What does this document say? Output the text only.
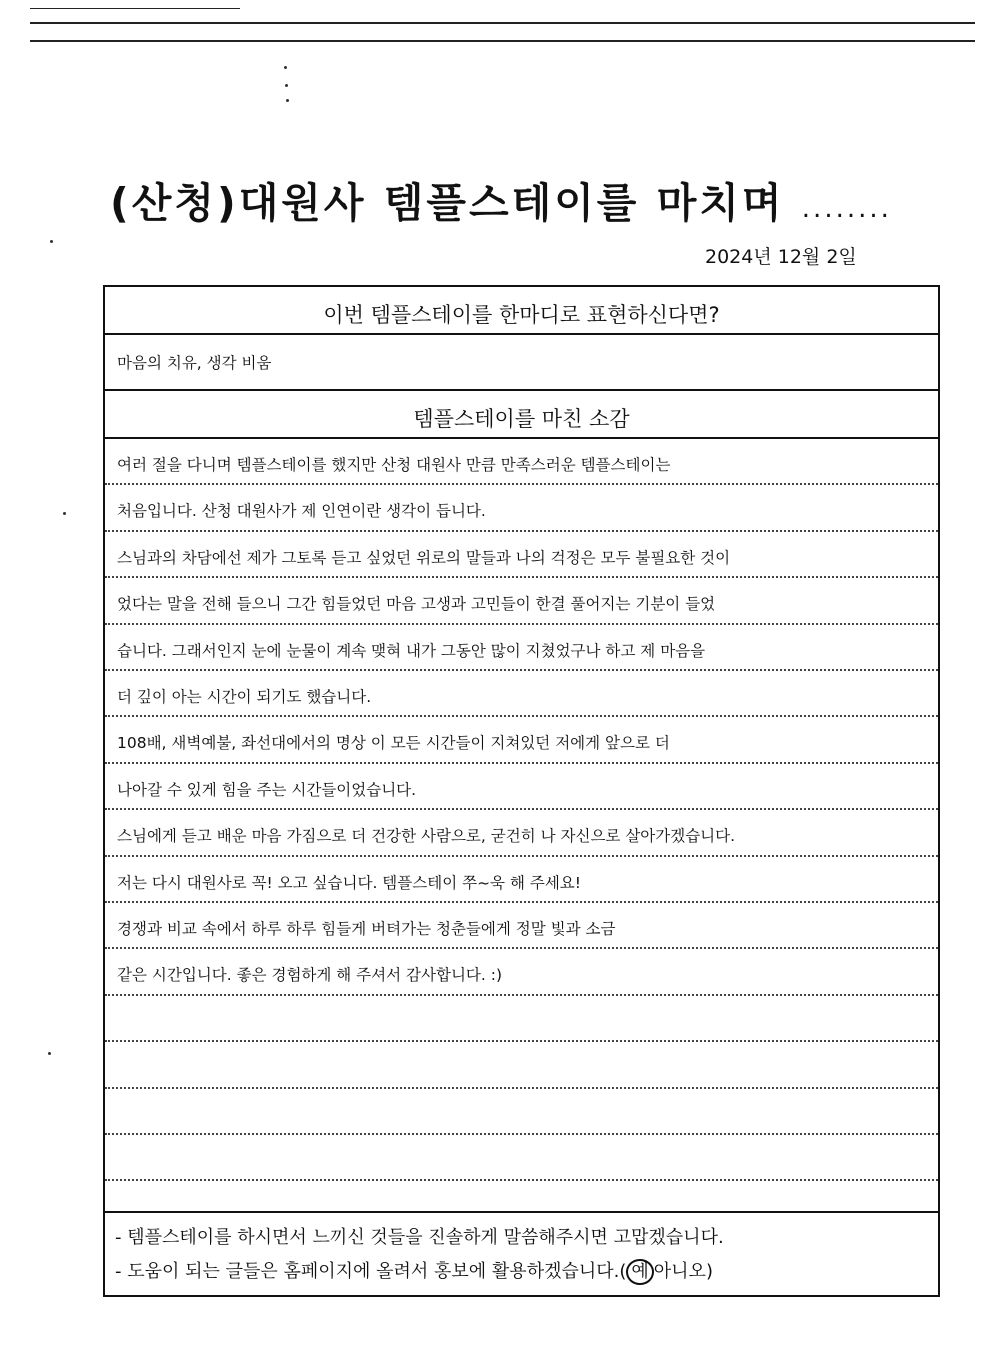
(산청)대원사 템플스테이를 마치며 ........
2024년 12월 2일
이번 템플스테이를 한마디로 표현하신다면?
마음의 치유, 생각 비움
템플스테이를 마친 소감
여러 절을 다니며 템플스테이를 했지만 산청 대원사 만큼 만족스러운 템플스테이는
처음입니다. 산청 대원사가 제 인연이란 생각이 듭니다.
스님과의 차담에선 제가 그토록 듣고 싶었던 위로의 말들과 나의 걱정은 모두 불필요한 것이
었다는 말을 전해 들으니 그간 힘들었던 마음 고생과 고민들이 한결 풀어지는 기분이 들었
습니다. 그래서인지 눈에 눈물이 계속 맺혀 내가 그동안 많이 지쳤었구나 하고 제 마음을
더 깊이 아는 시간이 되기도 했습니다.
108배, 새벽예불, 좌선대에서의 명상 이 모든 시간들이 지쳐있던 저에게 앞으로 더
나아갈 수 있게 힘을 주는 시간들이었습니다.
스님에게 듣고 배운 마음 가짐으로 더 건강한 사람으로, 굳건히 나 자신으로 살아가겠습니다.
저는 다시 대원사로 꼭! 오고 싶습니다. 템플스테이 쭈~욱 해 주세요!
경쟁과 비교 속에서 하루 하루 힘들게 버텨가는 청춘들에게 정말 빛과 소금
같은 시간입니다. 좋은 경험하게 해 주셔서 감사합니다. :)
- 템플스테이를 하시면서 느끼신 것들을 진솔하게 말씀해주시면 고맙겠습니다.
- 도움이 되는 글들은 홈페이지에 올려서 홍보에 활용하겠습니다.( 예 아니오)
